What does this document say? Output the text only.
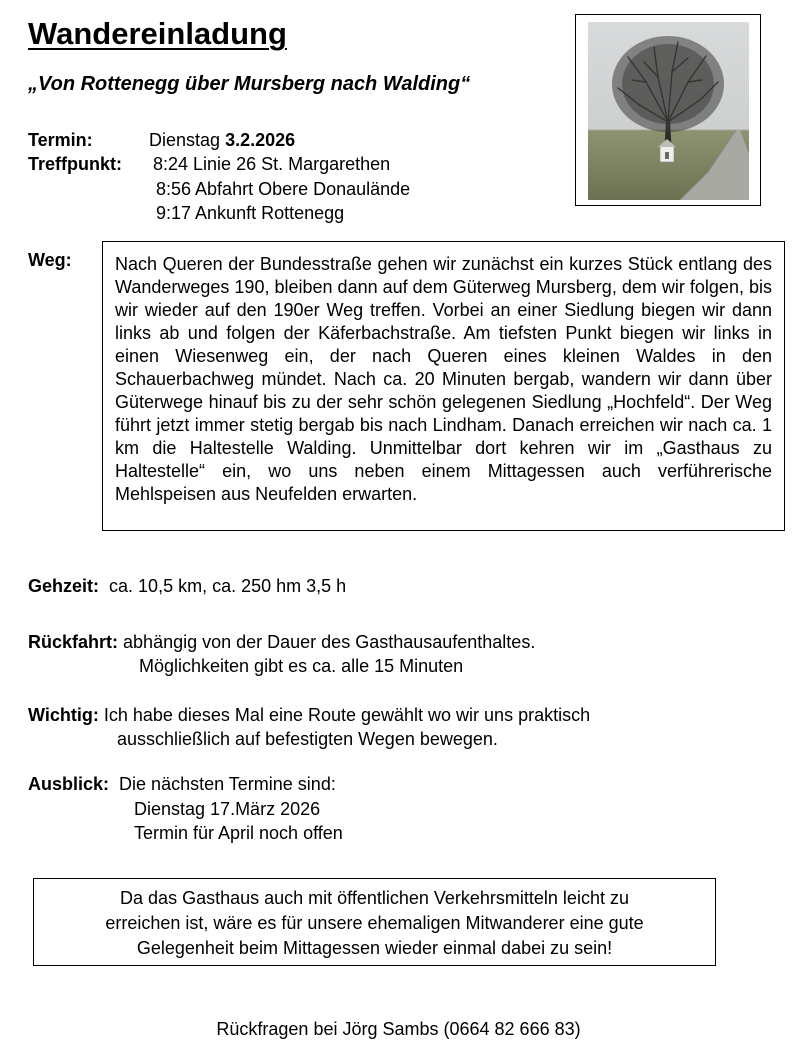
Wandereinladung
„Von Rottenegg über Mursberg nach Walding“
Termin:	Dienstag 3.2.2026
Treffpunkt: 8:24 Linie 26 St. Margarethen
8:56 Abfahrt Obere Donaulände
9:17 Ankunft Rottenegg
Weg: Nach Queren der Bundesstraße gehen wir zunächst ein kurzes Stück entlang des Wanderweges 190, bleiben dann auf dem Güterweg Mursberg, dem wir folgen, bis wir wieder auf den 190er Weg treffen. Vorbei an einer Siedlung biegen wir dann links ab und folgen der Käferbachstraße. Am tiefsten Punkt biegen wir links in einen Wiesenweg ein, der nach Queren eines kleinen Waldes in den Schauerbachweg mündet. Nach ca. 20 Minuten bergab, wandern wir dann über Güterwege hinauf bis zu der sehr schön gelegenen Siedlung „Hochfeld“. Der Weg führt jetzt immer stetig bergab bis nach Lindham. Danach erreichen wir nach ca. 1 km die Haltestelle Walding. Unmittelbar dort kehren wir im „Gasthaus zu Haltestelle“ ein, wo uns neben einem Mittagessen auch verführerische Mehlspeisen aus Neufelden erwarten.
Gehzeit: ca. 10,5 km, ca. 250 hm 3,5 h
Rückfahrt: abhängig von der Dauer des Gasthausaufenthaltes.
Möglichkeiten gibt es ca. alle 15 Minuten
Wichtig: Ich habe dieses Mal eine Route gewählt wo wir uns praktisch
ausschließlich auf befestigten Wegen bewegen.
Ausblick: Die nächsten Termine sind:
Dienstag 17.März 2026
Termin für April noch offen
Da das Gasthaus auch mit öffentlichen Verkehrsmitteln leicht zu
erreichen ist, wäre es für unsere ehemaligen Mitwanderer eine gute
Gelegenheit beim Mittagessen wieder einmal dabei zu sein!
Rückfragen bei Jörg Sambs (0664 82 666 83)
